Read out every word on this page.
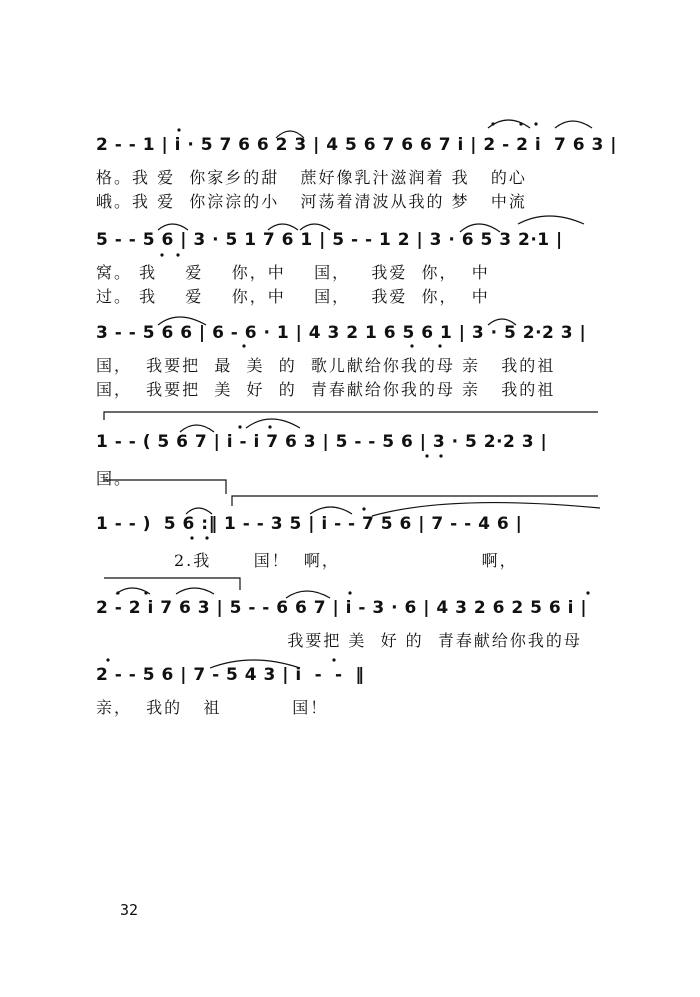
2 - - 1 | i · 5 7 6 6 2 3 | 4 5 6 7 6 6 7 i | 2 - 2 i  7 6 3 |
格。我 爱  你家乡的甜   蔗好像乳汁滋润着 我   的心
峨。我 爱  你淙淙的小   河荡着清波从我的 梦   中流
5 - - 5 6 | 3 · 5 1 7 6 1 | 5 - - 1 2 | 3 · 6 5 3 2·1 |
窝。 我    爱    你，中    国，   我爱  你，  中
过。 我    爱    你，中    国，   我爱  你，  中
3 - - 5 6 6 | 6 - 6 · 1 | 4 3 2 1 6 5 6 1 | 3 · 5 2·2 3 |
国，  我要把  最  美  的  歌儿献给你我的母 亲   我的祖
国，  我要把  美  好  的  青春献给你我的母 亲   我的祖
1 - - ( 5 6 7 | i - i 7 6 3 | 5 - - 5 6 | 3 · 5 2·2 3 |
国。
1 - - )  5 6 :‖ 1 - - 3 5 | i - - 7 5 6 | 7 - - 4 6 |
2.我      国！  啊，                    啊，
2 - 2 i 7 6 3 | 5 - - 6 6 7 | i - 3 · 6 | 4 3 2 6 2 5 6 i |
我要把 美  好 的  青春献给你我的母
2 - - 5 6 | 7 - 5 4 3 | i  -  -  ‖
亲，  我的   祖          国！
32
